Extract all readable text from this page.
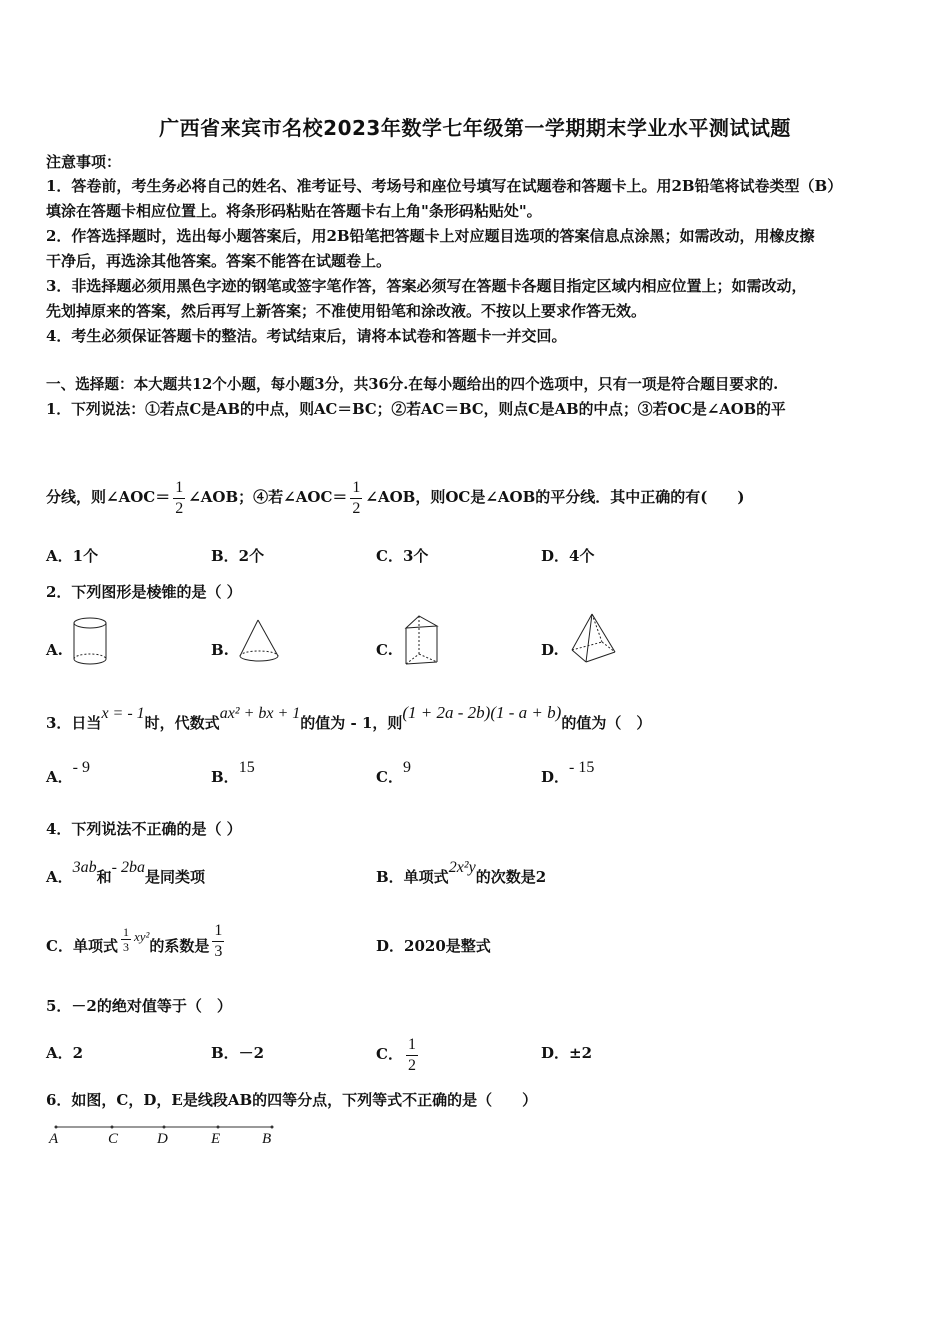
广西省来宾市名校2023年数学七年级第一学期期末学业水平测试试题
注意事项：
1．答卷前，考生务必将自己的姓名、准考证号、考场号和座位号填写在试题卷和答题卡上。用2B铅笔将试卷类型（B）
填涂在答题卡相应位置上。将条形码粘贴在答题卡右上角"条形码粘贴处"。
2．作答选择题时，选出每小题答案后，用2B铅笔把答题卡上对应题目选项的答案信息点涂黑；如需改动，用橡皮擦
干净后，再选涂其他答案。答案不能答在试题卷上。
3．非选择题必须用黑色字迹的钢笔或签字笔作答，答案必须写在答题卡各题目指定区域内相应位置上；如需改动，
先划掉原来的答案，然后再写上新答案；不准使用铅笔和涂改液。不按以上要求作答无效。
4．考生必须保证答题卡的整洁。考试结束后，请将本试卷和答题卡一并交回。
一、选择题：本大题共12个小题，每小题3分，共36分.在每小题给出的四个选项中，只有一项是符合题目要求的.
1．下列说法：①若点C是AB的中点，则AC＝BC；②若AC＝BC，则点C是AB的中点；③若OC是∠AOB的平
分线，则∠AOC＝ $\frac{1}{2}$ ∠AOB；④若∠AOC＝ $\frac{1}{2}$ ∠AOB，则OC是∠AOB的平分线．其中正确的有(　　)
A．1个	B．2个	C．3个	D．4个
2．下列图形是棱锥的是（ ）
A.	B.	C.	D.
3．日当x = - 1时，代数式ax² + bx + 1的值为 - 1，则(1 + 2a - 2b)(1 - a + b)的值为（　）
A．- 9
B．15
C．9
D．- 15
4．下列说法不正确的是（ ）
A．3ab和- 2ba是同类项	B．单项式2x²y的次数是2
C．单项式 $\frac{1}{3} xy^2$的系数是 $\frac{1}{3}$	D．2020是整式
5．－2的绝对值等于（　）
A．2	B．－2	C． $\frac{1}{2}$	D．±2
6．如图，C，D，E是线段AB的四等分点，下列等式不正确的是（　　）
A	C	D	E	B
